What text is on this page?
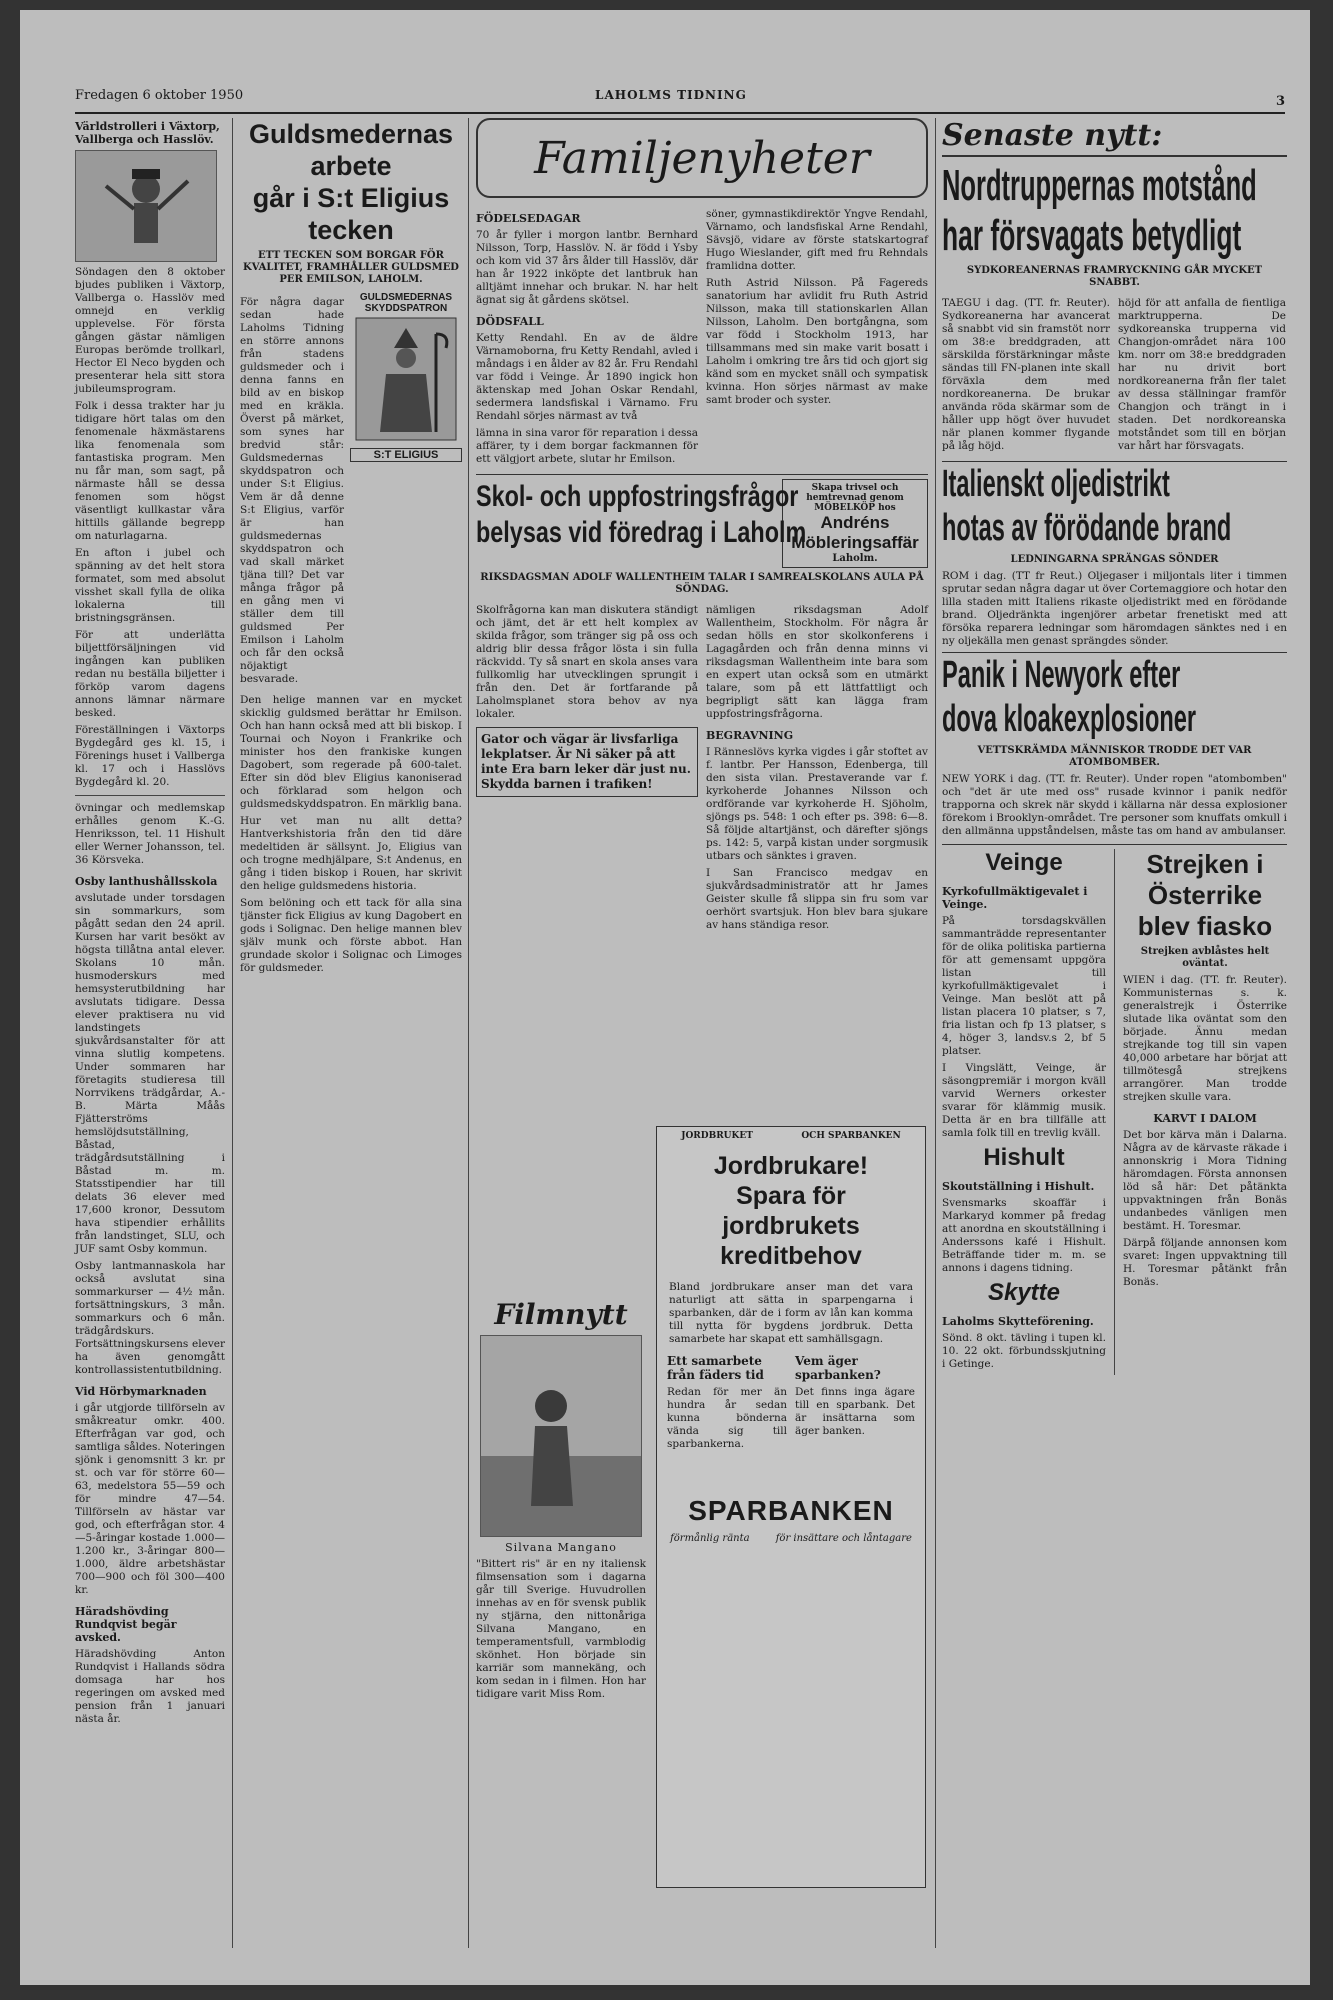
Fredagen 6 oktober 1950	LAHOLMS TIDNING	3
Världstrolleri i Växtorp, Vallberga och Hasslöv.

Söndagen den 8 oktober bjudes publiken i Växtorp, Vallberga o. Hasslöv med omnejd en verklig upplevelse. För första gången gästar nämligen Europas berömde trollkarl, Hector El Neco bygden och presenterar hela sitt stora jubileumsprogram.

Folk i dessa trakter har ju tidigare hört talas om den fenomenale häxmästarens lika fenomenala som fantastiska program. Men nu får man, som sagt, på närmaste håll se dessa fenomen som högst väsentligt kullkastar våra hittills gällande begrepp om naturlagarna.

En afton i jubel och spänning av det helt stora formatet, som med absolut visshet skall fylla de olika lokalerna till bristningsgränsen.

För att underlätta biljettförsäljningen vid ingången kan publiken redan nu beställa biljetter i förköp varom dagens annons lämnar närmare besked.

Föreställningen i Växtorps Bygdegård ges kl. 15, i Förenings huset i Vallberga kl. 17 och i Hasslövs Bygdegård kl. 20.

övningar och medlemskap erhålles genom K.-G. Henriksson, tel. 11 Hishult eller Werner Johansson, tel. 36 Körsveka.

Osby lanthushållsskola

avslutade under torsdagen sin sommarkurs, som pågått sedan den 24 april. Kursen har varit besökt av högsta tillåtna antal elever. Skolans 10 mån. husmoderskurs med hemsysterutbildning har avslutats tidigare. Dessa elever praktisera nu vid landstingets sjukvårdsanstalter för att vinna slutlig kompetens. Under sommaren har företagits studieresa till Norrvikens trädgårdar, A.-B. Märta Måås Fjätterströms hemslöjdsutställning, Båstad, trädgårdsutställning i Båstad m. m. Statsstipendier har till delats 36 elever med 17,600 kronor, Dessutom hava stipendier erhållits från landstinget, SLU, och JUF samt Osby kommun.

Osby lantmannaskola har också avslutat sina sommarkurser — 4½ mån. fortsättningskurs, 3 mån. sommarkurs och 6 mån. trädgårdskurs. Fortsättningskursens elever ha även genomgått kontrollassistentutbildning.

Vid Hörbymarknaden

i går utgjorde tillförseln av småkreatur omkr. 400. Efterfrågan var god, och samtliga såldes. Noteringen sjönk i genomsnitt 3 kr. pr st. och var för större 60—63, medelstora 55—59 och för mindre 47—54. Tillförseln av hästar var god, och efterfrågan stor. 4—5-åringar kostade 1.000—1.200 kr., 3-åringar 800—1.000, äldre arbetshästar 700—900 och föl 300—400 kr.

Häradshövding Rundqvist begär avsked.

Häradshövding Anton Rundqvist i Hallands södra domsaga har hos regeringen om avsked med pension från 1 januari nästa år.

Guldsmedernas arbete
går i S:t Eligius tecken
ETT TECKEN SOM BORGAR FÖR KVALITET, FRAMHÅLLER GULDSMED PER EMILSON, LAHOLM.

För några dagar sedan hade Laholms Tidning en större annons från stadens guldsmeder och i denna fanns en bild av en biskop med en kräkla. Överst på märket, som synes har bredvid står: Guldsmedernas skyddspatron och under S:t Eligius. Vem är då denne S:t Eligius, varför är han guldsmedernas skyddspatron och vad skall märket tjäna till? Det var många frågor på en gång men vi ställer dem till guldsmed Per Emilson i Laholm och får den också nöjaktigt besvarade.

GULDSMEDERNAS SKYDDSPATRON
S:T ELIGIUS

Den helige mannen var en mycket skicklig guldsmed berättar hr Emilson. Och han hann också med att bli biskop. I Tournai och Noyon i Frankrike och minister hos den frankiske kungen Dagobert, som regerade på 600-talet. Efter sin död blev Eligius kanoniserad och förklarad som helgon och guldsmedskyddspatron. En märklig bana.

Hur vet man nu allt detta? Hantverkshistoria från den tid däre medeltiden är sällsynt. Jo, Eligius van och trogne medhjälpare, S:t Andenus, en gång i tiden biskop i Rouen, har skrivit den helige guldsmedens historia.

Som belöning och ett tack för alla sina tjänster fick Eligius av kung Dagobert en gods i Solignac. Den helige mannen blev själv munk och förste abbot. Han grundade skolor i Solignac och Limoges för guldsmeder.

Familjenyheter
FÖDELSEDAGAR

70 år fyller i morgon lantbr. Bernhard Nilsson, Torp, Hasslöv. N. är född i Ysby och kom vid 37 års ålder till Hasslöv, där han år 1922 inköpte det lantbruk han alltjämt innehar och brukar. N. har helt ägnat sig åt gårdens skötsel.

DÖDSFALL

Ketty Rendahl. En av de äldre Värnamoborna, fru Ketty Rendahl, avled i måndags i en ålder av 82 år. Fru Rendahl var född i Veinge. År 1890 ingick hon äktenskap med Johan Oskar Rendahl, sedermera landsfiskal i Värnamo. Fru Rendahl sörjes närmast av två

lämna in sina varor för reparation i dessa affärer, ty i dem borgar fackmannen för ett välgjort arbete, slutar hr Emilson.

söner, gymnastikdirektör Yngve Rendahl, Värnamo, och landsfiskal Arne Rendahl, Sävsjö, vidare av förste statskartograf Hugo Wieslander, gift med fru Rehndals framlidna dotter.

Ruth Astrid Nilsson. På Fagereds sanatorium har avlidit fru Ruth Astrid Nilsson, maka till stationskarlen Allan Nilsson, Laholm. Den bortgångna, som var född i Stockholm 1913, har tillsammans med sin make varit bosatt i Laholm i omkring tre års tid och gjort sig känd som en mycket snäll och sympatisk kvinna. Hon sörjes närmast av make samt broder och syster.

Skol- och uppfostringsfrågor
belysas vid föredrag i Laholm
Skapa trivsel och hemtrevnad genom MÖBELKÖP hos
Andréns Möbleringsaffär
Laholm.
RIKSDAGSMAN ADOLF WALLENTHEIM TALAR I SAMREALSKOLANS AULA PÅ SÖNDAG.

Skolfrågorna kan man diskutera ständigt och jämt, det är ett helt komplex av skilda frågor, som tränger sig på oss och aldrig blir dessa frågor lösta i sin fulla räckvidd. Ty så snart en skola anses vara fullkomlig har utvecklingen sprungit i från den. Det är fortfarande på Laholmsplanet stora behov av nya lokaler.

Gator och vägar är livsfarliga lekplatser. Är Ni säker på att inte Era barn leker där just nu. Skydda barnen i trafiken!

nämligen riksdagsman Adolf Wallentheim, Stockholm. För några år sedan hölls en stor skolkonferens i Lagagården och från denna minns vi riksdagsman Wallentheim inte bara som en expert utan också som en utmärkt talare, som på ett lättfattligt och begripligt sätt kan lägga fram uppfostringsfrågorna.

BEGRAVNING

I Ränneslövs kyrka vigdes i går stoftet av f. lantbr. Per Hansson, Edenberga, till den sista vilan. Prestaverande var f. kyrkoherde Johannes Nilsson och ordförande var kyrkoherde H. Sjöholm, sjöngs ps. 548: 1 och efter ps. 398: 6—8. Så följde altartjänst, och därefter sjöngs ps. 142: 5, varpå kistan under sorgmusik utbars och sänktes i graven.

I San Francisco medgav en sjukvårdsadministratör att hr James Geister skulle få slippa sin fru som var oerhört svartsjuk. Hon blev bara sjukare av hans ständiga resor.

Filmnytt
Silvana Mangano

"Bittert ris" är en ny italiensk filmsensation som i dagarna går till Sverige. Huvudrollen innehas av en för svensk publik ny stjärna, den nittonåriga Silvana Mangano, en temperamentsfull, varmblodig skönhet. Hon började sin karriär som mannekäng, och kom sedan in i filmen. Hon har tidigare varit Miss Rom.

JORDBRUKET	OCH SPARBANKEN
Jordbrukare! Spara för jordbrukets kreditbehov

Bland jordbrukare anser man det vara naturligt att sätta in sparpengarna i sparbanken, där de i form av lån kan komma till nytta för bygdens jordbruk. Detta samarbete har skapat ett samhällsgagn.

Ett samarbete från fäders tid

Redan för mer än hundra år sedan kunna bönderna vända sig till sparbankerna.

Vem äger sparbanken?

Det finns inga ägare till en sparbank. Det är insättarna som äger banken.

SPARBANKEN
förmånlig ränta	för insättare och låntagare
Senaste nytt:
Nordtruppernas motstånd
har försvagats betydligt
SYDKOREANERNAS FRAMRYCKNING GÅR MYCKET SNABBT.

TAEGU i dag. (TT. fr. Reuter). Sydkoreanerna har avancerat så snabbt vid sin framstöt norr om 38:e breddgraden, att särskilda förstärkningar måste sändas till FN-planen inte skall förväxla dem med nordkoreanerna. De brukar använda röda skärmar som de håller upp högt över huvudet när planen kommer flygande på låg höjd.

höjd för att anfalla de fientliga marktrupperna. De sydkoreanska trupperna vid Changjon-området nära 100 km. norr om 38:e breddgraden har nu drivit bort nordkoreanerna från fler talet av dessa ställningar framför Changjon och trängt in i staden. Det nordkoreanska motståndet som till en början var hårt har försvagats.

Italienskt oljedistrikt
hotas av förödande brand
LEDNINGARNA SPRÄNGAS SÖNDER

ROM i dag. (TT fr Reut.) Oljegaser i miljontals liter i timmen sprutar sedan några dagar ut över Cortemaggiore och hotar den lilla staden mitt Italiens rikaste oljedistrikt med en förödande brand. Oljedränkta ingenjörer arbetar frenetiskt med att försöka reparera ledningar som häromdagen sänktes ned i en ny oljekälla men genast sprängdes sönder.

Panik i Newyork efter
dova kloakexplosioner
VETTSKRÄMDA MÄNNISKOR TRODDE DET VAR ATOMBOMBER.

NEW YORK i dag. (TT. fr. Reuter). Under ropen "atombomben" och "det är ute med oss" rusade kvinnor i panik nedför trapporna och skrek när skydd i källarna när dessa explosioner förekom i Brooklyn-området. Tre personer som knuffats omkull i den allmänna uppståndelsen, måste tas om hand av ambulanser.

Veinge
Kyrkofullmäktigevalet i Veinge.

På torsdagskvällen sammanträdde representanter för de olika politiska partierna för att gemensamt uppgöra listan till kyrkofullmäktigevalet i Veinge. Man beslöt att på listan placera 10 platser, s 7, fria listan och fp 13 platser, s 4, höger 3, landsv.s 2, bf 5 platser.

I Vingslätt, Veinge, är säsongpremiär i morgon kväll varvid Werners orkester svarar för klämmig musik. Detta är en bra tillfälle att samla folk till en trevlig kväll.

Hishult
Skoutställning i Hishult.

Svensmarks skoaffär i Markaryd kommer på fredag att anordna en skoutställning i Anderssons kafé i Hishult. Beträffande tider m. m. se annons i dagens tidning.

Skytte
Laholms Skytteförening.

Sönd. 8 okt. tävling i tupen kl. 10. 22 okt. förbundsskjutning i Getinge.

Strejken i Österrike blev fiasko
Strejken avblåstes helt oväntat.

WIEN i dag. (TT. fr. Reuter). Kommunisternas s. k. generalstrejk i Österrike slutade lika oväntat som den började. Ännu medan strejkande tog till sin vapen 40,000 arbetare har börjat att tillmötesgå strejkens arrangörer. Man trodde strejken skulle vara.

KARVT I DALOM

Det bor kärva män i Dalarna. Några av de kärvaste räkade i annonskrig i Mora Tidning häromdagen. Första annonsen löd så här: Det påtänkta uppvaktningen från Bonäs undanbedes vänligen men bestämt. H. Toresmar.

Därpå följande annonsen kom svaret: Ingen uppvaktning till H. Toresmar påtänkt från Bonäs.
